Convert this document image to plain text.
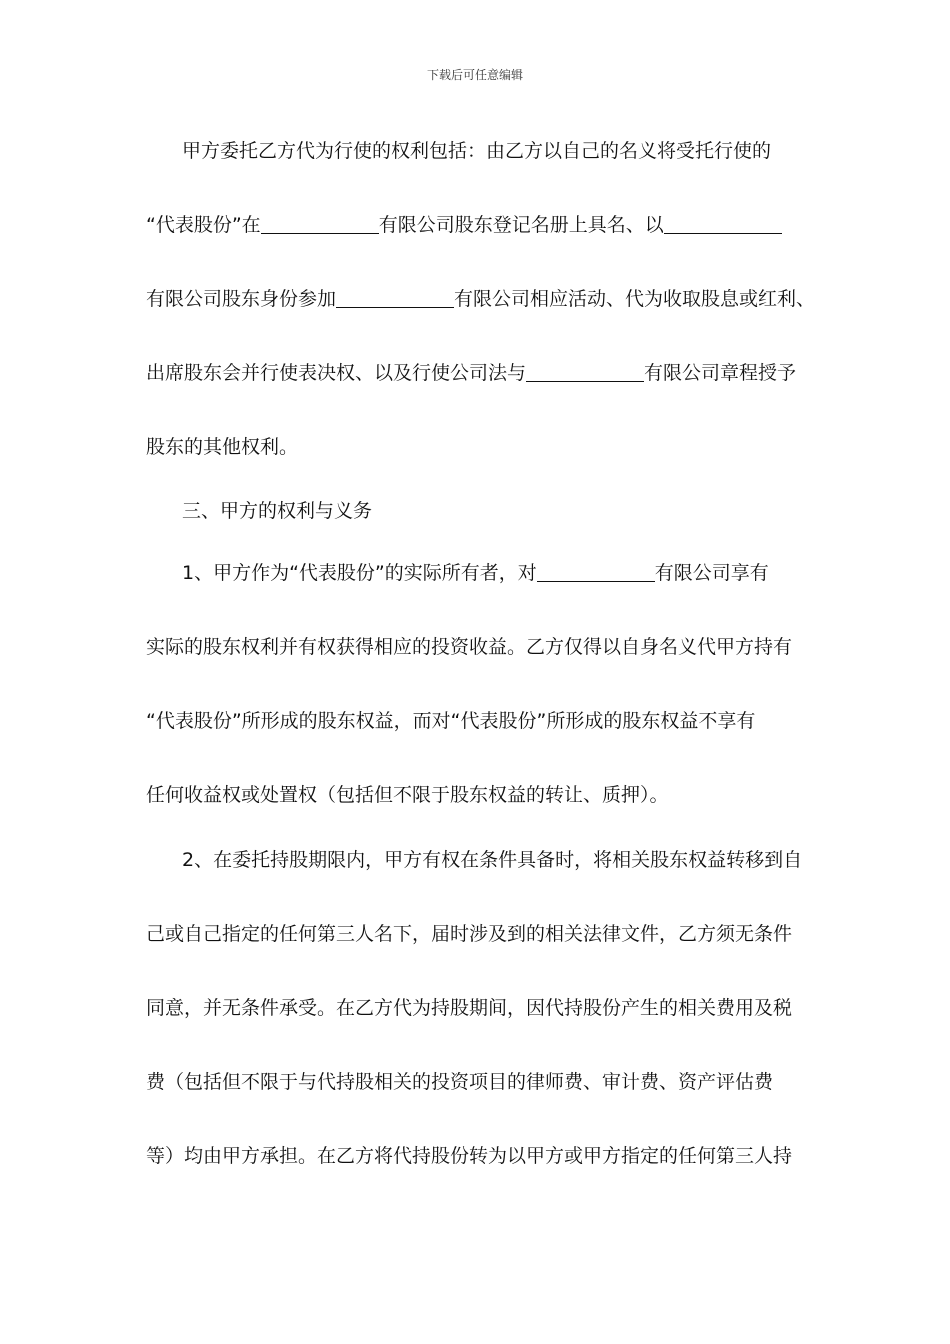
下载后可任意编辑
甲方委托乙方代为行使的权利包括：由乙方以自己的名义将受托行使的
“代表股份”在	有限公司股东登记名册上具名、以
有限公司股东身份参加	有限公司相应活动、代为收取股息或红利、
出席股东会并行使表决权、以及行使公司法与	有限公司章程授予
股东的其他权利。
三、甲方的权利与义务
1、甲方作为“代表股份”的实际所有者，对	有限公司享有
实际的股东权利并有权获得相应的投资收益。乙方仅得以自身名义代甲方持有
“代表股份”所形成的股东权益，而对“代表股份”所形成的股东权益不享有
任何收益权或处置权（包括但不限于股东权益的转让、质押）。
2、在委托持股期限内，甲方有权在条件具备时，将相关股东权益转移到自
己或自己指定的任何第三人名下，届时涉及到的相关法律文件，乙方须无条件
同意，并无条件承受。在乙方代为持股期间，因代持股份产生的相关费用及税
费（包括但不限于与代持股相关的投资项目的律师费、审计费、资产评估费
等）均由甲方承担。在乙方将代持股份转为以甲方或甲方指定的任何第三人持
